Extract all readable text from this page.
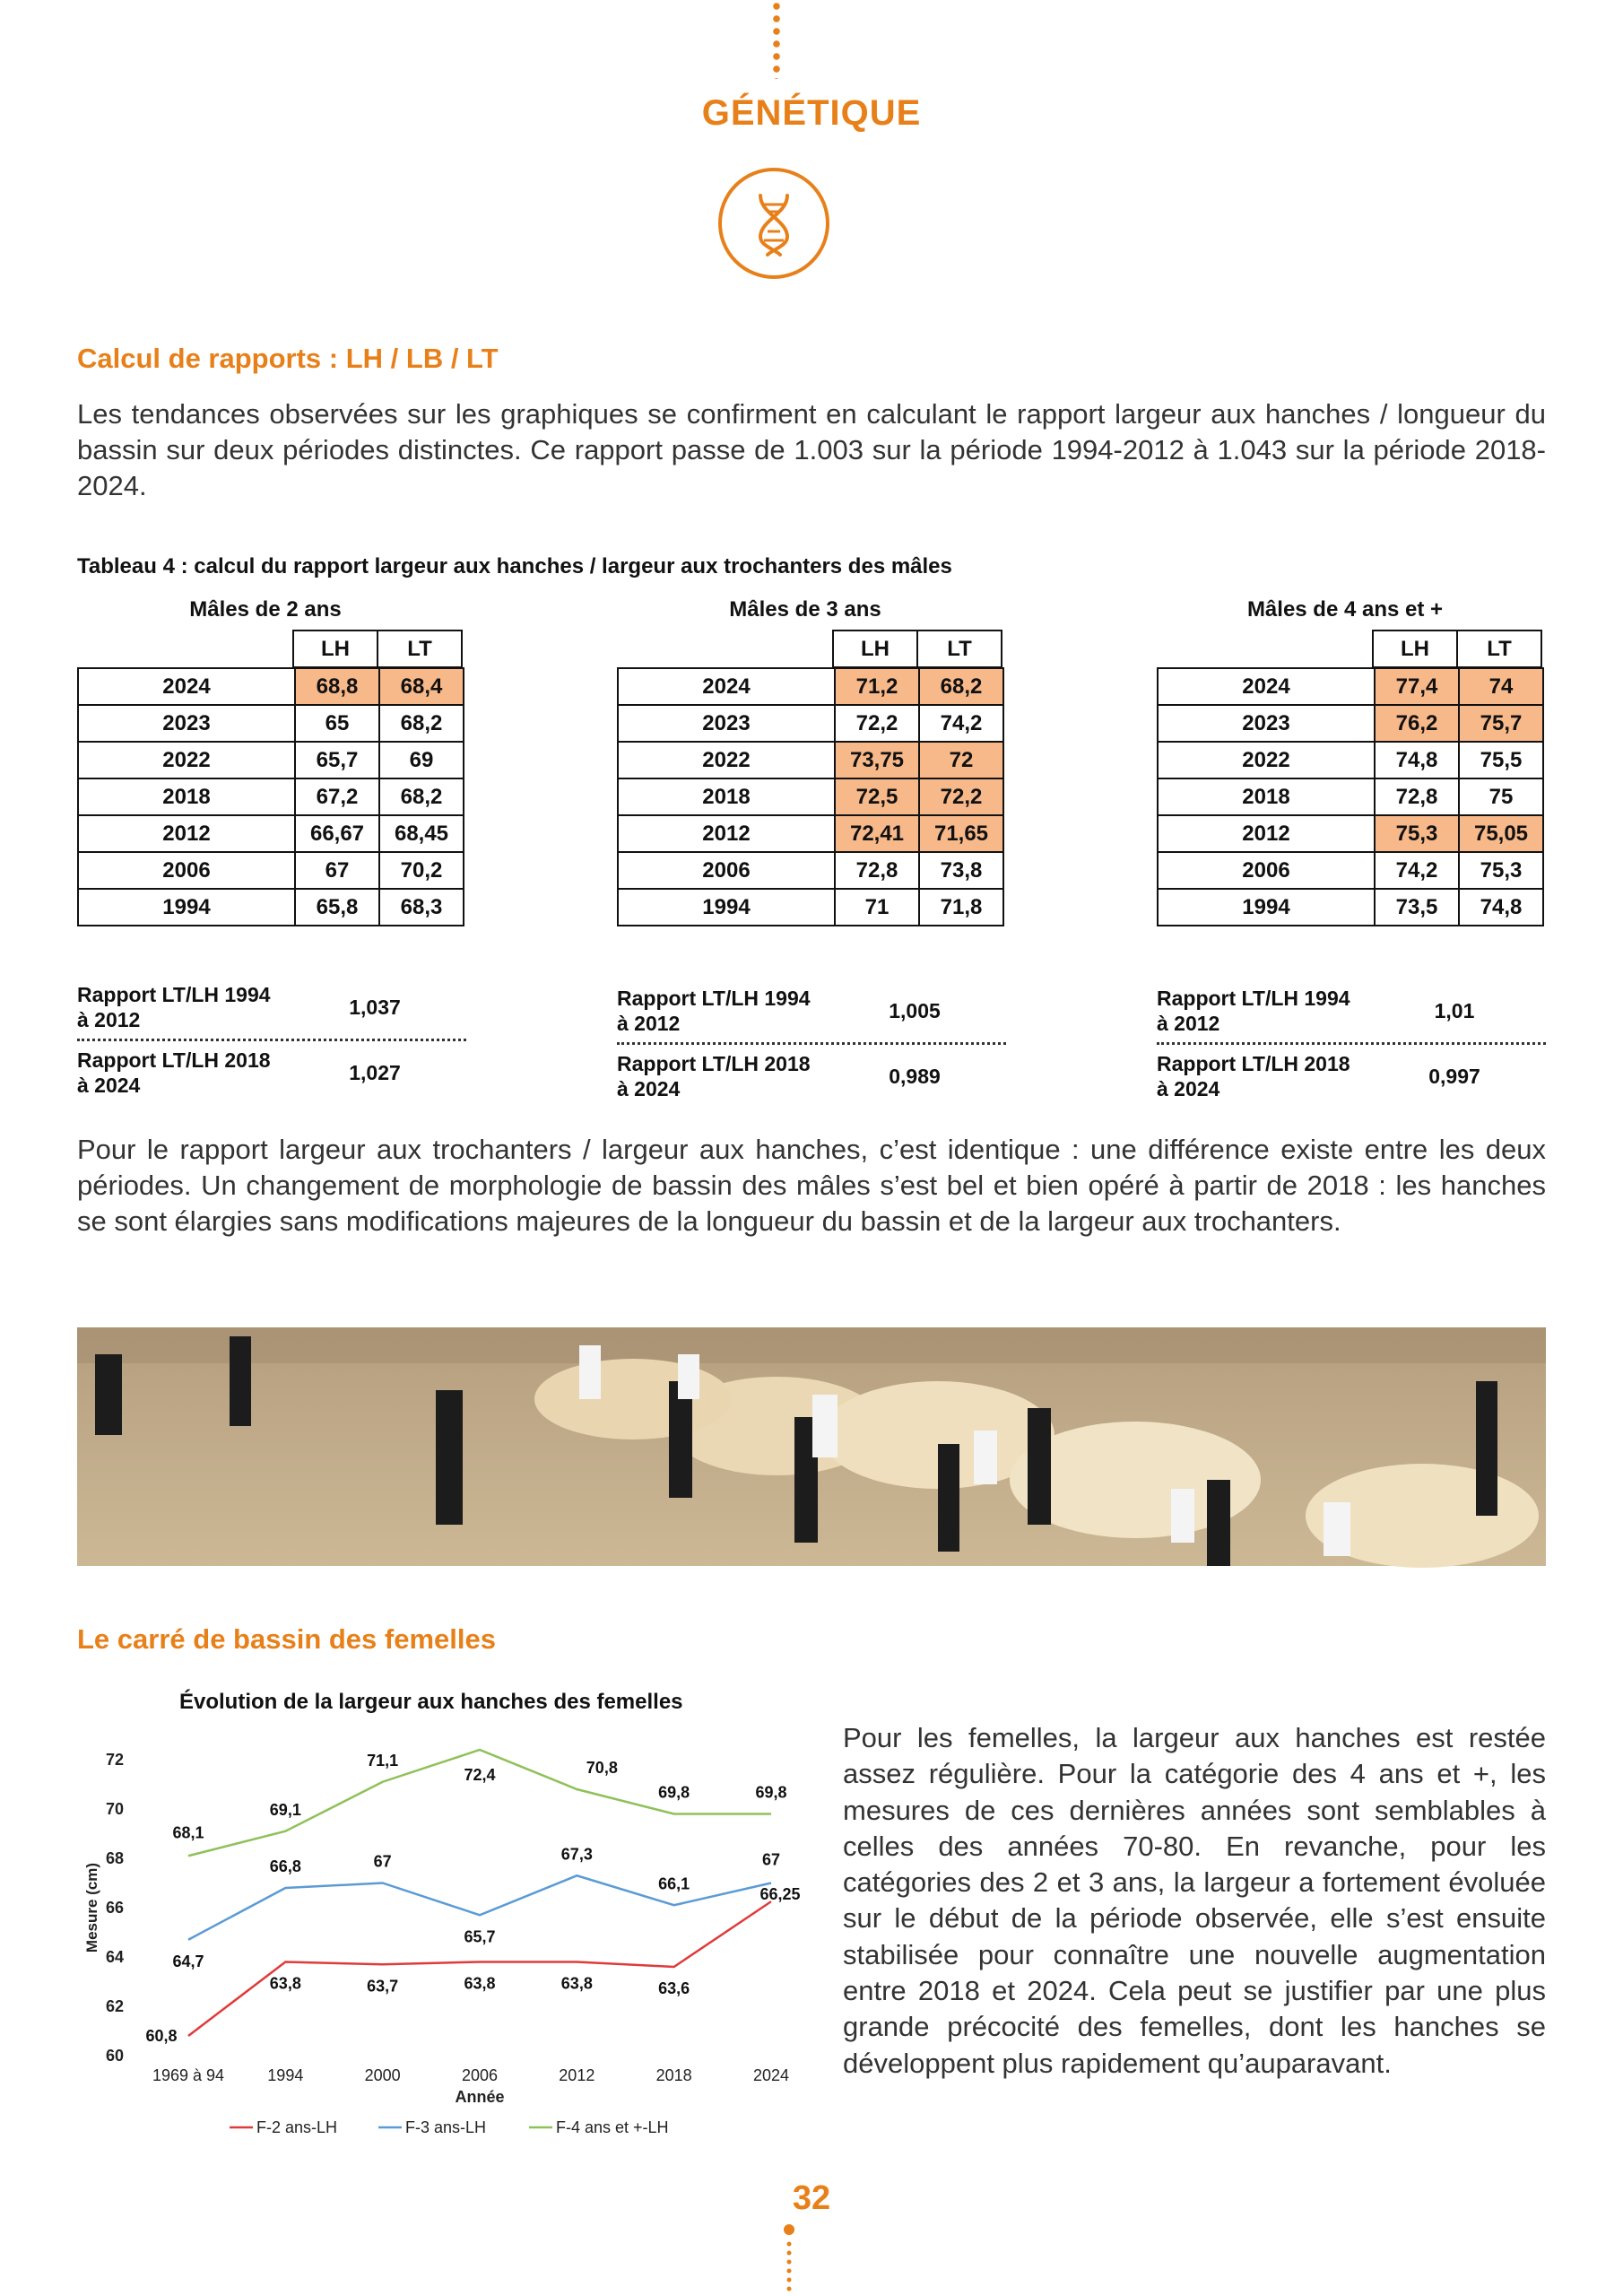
GÉNÉTIQUE
Calcul de rapports : LH / LB / LT

Les tendances observées sur les graphiques se confirment en calculant le rapport largeur aux hanches / longueur du bassin sur deux périodes distinctes. Ce rapport passe de 1.003 sur la période 1994-2012 à 1.043 sur la période 2018-2024.

Tableau 4 : calcul du rapport largeur aux hanches / largeur aux trochanters des mâles
Mâles de 2 ans
LH	LT
2024	68,8	68,4
2023	65	68,2
2022	65,7	69
2018	67,2	68,2
2012	66,67	68,45
2006	67	70,2
1994	65,8	68,3
Rapport LT/LH 1994 à 2012
1,037
Rapport LT/LH 2018 à 2024
1,027
Mâles de 3 ans
LH	LT
2024	71,2	68,2
2023	72,2	74,2
2022	73,75	72
2018	72,5	72,2
2012	72,41	71,65
2006	72,8	73,8
1994	71	71,8
Rapport LT/LH 1994 à 2012
1,005
Rapport LT/LH 2018 à 2024
0,989
Mâles de 4 ans et +
LH	LT
2024	77,4	74
2023	76,2	75,7
2022	74,8	75,5
2018	72,8	75
2012	75,3	75,05
2006	74,2	75,3
1994	73,5	74,8
Rapport LT/LH 1994 à 2012
1,01
Rapport LT/LH 2018 à 2024
0,997

Pour le rapport largeur aux trochanters / largeur aux hanches, c’est identique : une différence existe entre les deux périodes. Un changement de morphologie de bassin des mâles s’est bel et bien opéré à partir de 2018 : les hanches se sont élargies sans modifications majeures de la longueur du bassin et de la largeur aux trochanters.

Le carré de bassin des femelles
Évolution de la largeur aux hanches des femelles
60
62
64
66
68
70
72
1969 à 94	1994	2000	2006	2012	2018	2024
Mesure (cm)
Année
60,8
63,8	63,7	63,8	63,8	63,6
66,25
64,7
66,8	67
65,7
67,3
66,1
67
68,1
69,1
71,1
72,4	70,8
69,8	69,8
F-2 ans-LH	F-3 ans-LH	F-4 ans et +-LH

Pour les femelles, la largeur aux hanches est restée assez régulière. Pour la catégorie des 4 ans et +, les mesures de ces dernières années sont semblables à celles des années 70-80. En revanche, pour les catégories des 2 et 3 ans, la largeur a fortement évoluée sur le début de la période observée, elle s’est ensuite stabilisée pour connaître une nouvelle augmentation entre 2018 et 2024. Cela peut se justifier par une plus grande précocité des femelles, dont les hanches se développent plus rapidement qu’auparavant.

32
